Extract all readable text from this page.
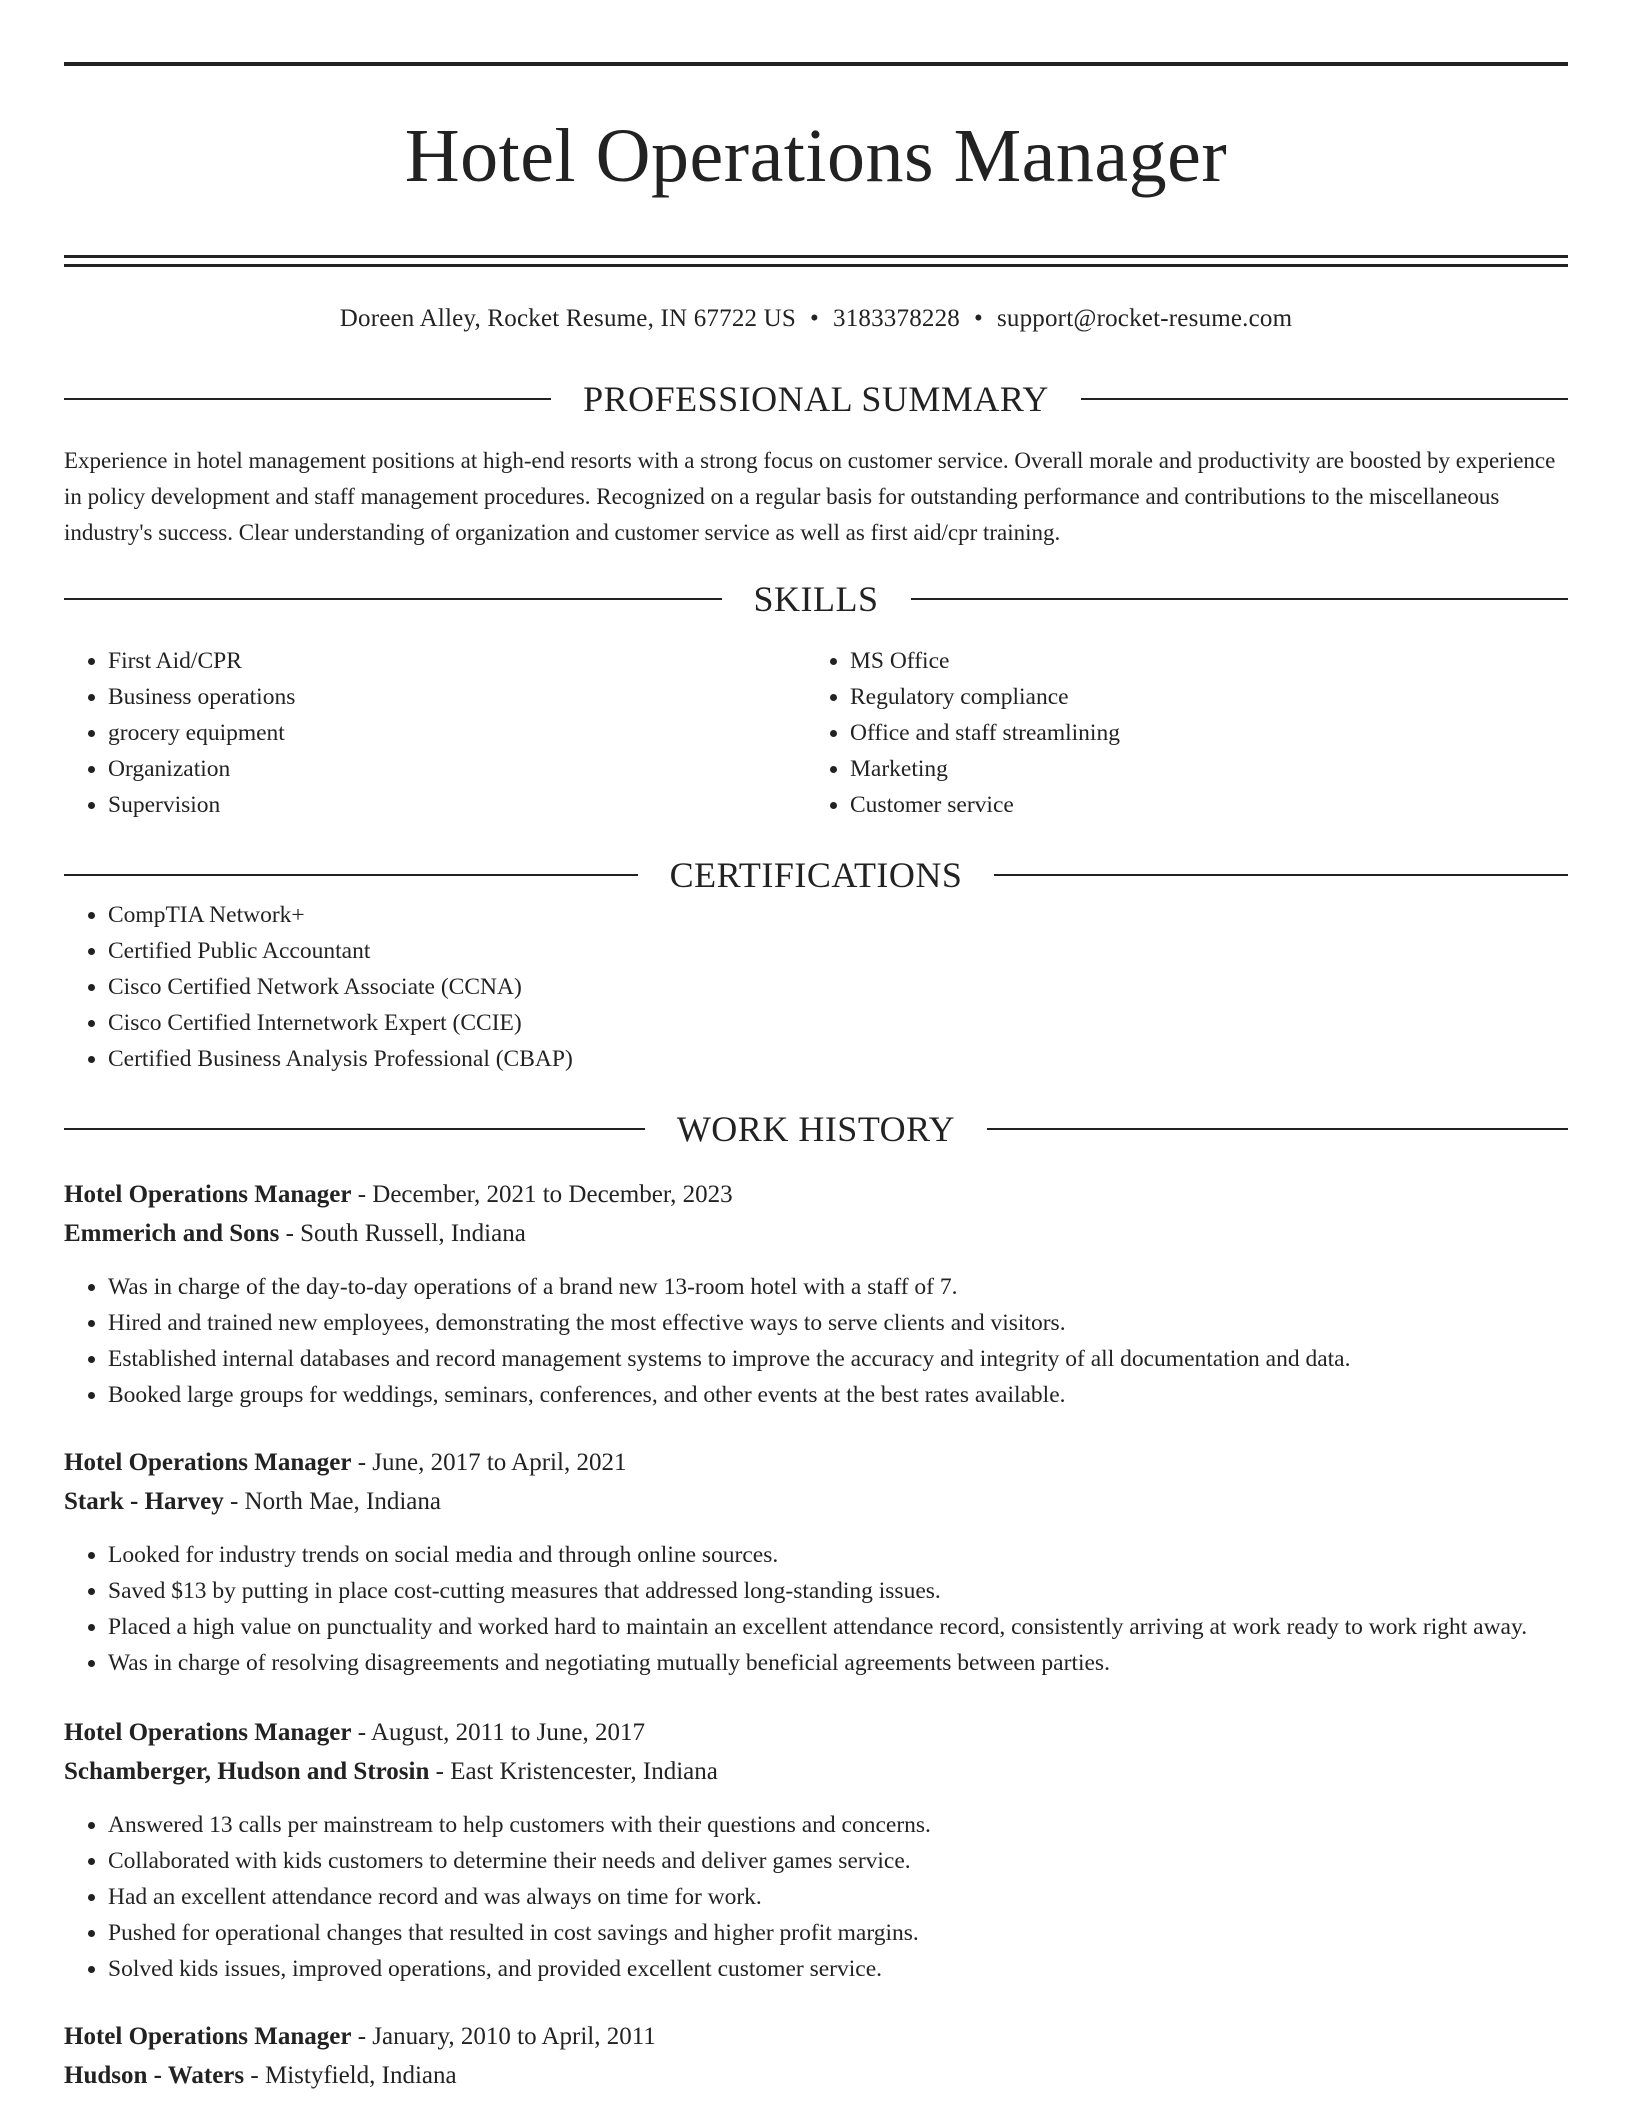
Hotel Operations Manager
Doreen Alley, Rocket Resume, IN 67722 US • 3183378228 • support@rocket-resume.com
PROFESSIONAL SUMMARY
Experience in hotel management positions at high-end resorts with a strong focus on customer service. Overall morale and productivity are boosted by experience in policy development and staff management procedures. Recognized on a regular basis for outstanding performance and contributions to the miscellaneous industry's success. Clear understanding of organization and customer service as well as first aid/cpr training.
SKILLS
• First Aid/CPR
• Business operations
• grocery equipment
• Organization
• Supervision
• MS Office
• Regulatory compliance
• Office and staff streamlining
• Marketing
• Customer service
CERTIFICATIONS
• CompTIA Network+
• Certified Public Accountant
• Cisco Certified Network Associate (CCNA)
• Cisco Certified Internetwork Expert (CCIE)
• Certified Business Analysis Professional (CBAP)
WORK HISTORY
Hotel Operations Manager - December, 2021 to December, 2023
Emmerich and Sons - South Russell, Indiana
• Was in charge of the day-to-day operations of a brand new 13-room hotel with a staff of 7.
• Hired and trained new employees, demonstrating the most effective ways to serve clients and visitors.
• Established internal databases and record management systems to improve the accuracy and integrity of all documentation and data.
• Booked large groups for weddings, seminars, conferences, and other events at the best rates available.
Hotel Operations Manager - June, 2017 to April, 2021
Stark - Harvey - North Mae, Indiana
• Looked for industry trends on social media and through online sources.
• Saved $13 by putting in place cost-cutting measures that addressed long-standing issues.
• Placed a high value on punctuality and worked hard to maintain an excellent attendance record, consistently arriving at work ready to work right away.
• Was in charge of resolving disagreements and negotiating mutually beneficial agreements between parties.
Hotel Operations Manager - August, 2011 to June, 2017
Schamberger, Hudson and Strosin - East Kristencester, Indiana
• Answered 13 calls per mainstream to help customers with their questions and concerns.
• Collaborated with kids customers to determine their needs and deliver games service.
• Had an excellent attendance record and was always on time for work.
• Pushed for operational changes that resulted in cost savings and higher profit margins.
• Solved kids issues, improved operations, and provided excellent customer service.
Hotel Operations Manager - January, 2010 to April, 2011
Hudson - Waters - Mistyfield, Indiana
